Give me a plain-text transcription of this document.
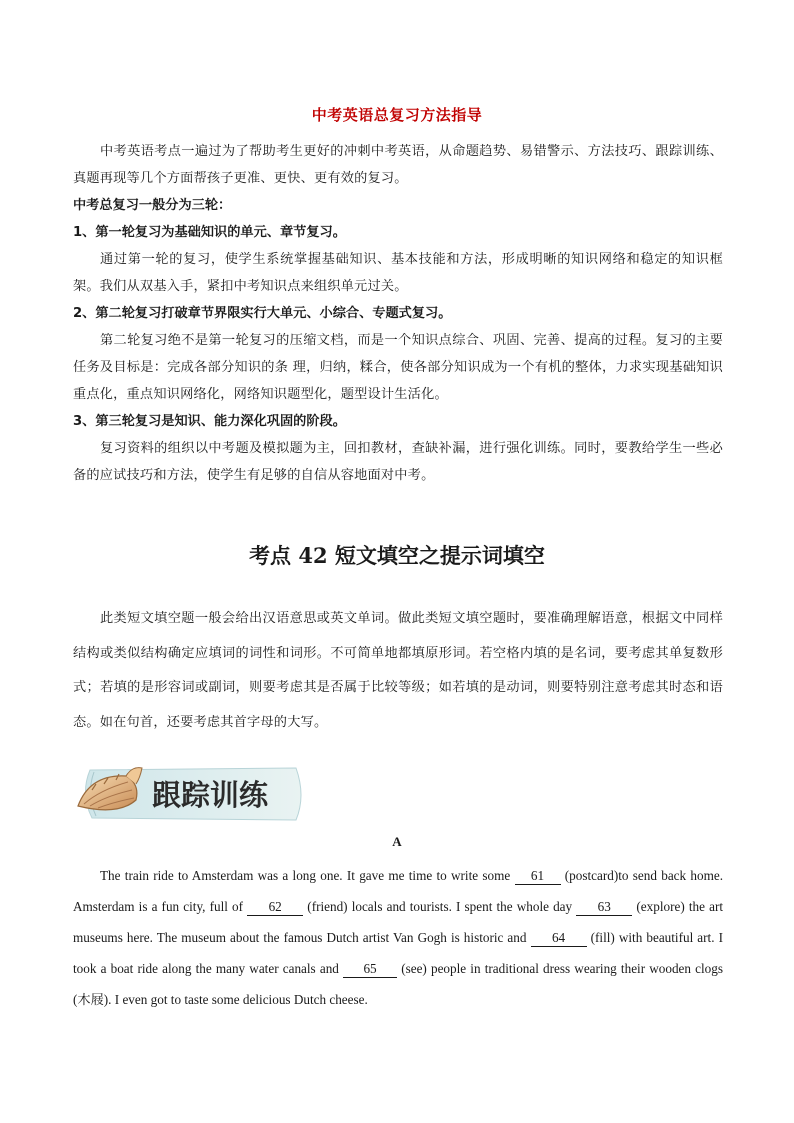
中考英语总复习方法指导
中考英语考点一遍过为了帮助考生更好的冲刺中考英语，从命题趋势、易错警示、方法技巧、跟踪训练、真题再现等几个方面帮孩子更准、更快、更有效的复习。
中考总复习一般分为三轮：
1、第一轮复习为基础知识的单元、章节复习。
通过第一轮的复习，使学生系统掌握基础知识、基本技能和方法，形成明晰的知识网络和稳定的知识框架。我们从双基入手，紧扣中考知识点来组织单元过关。
2、第二轮复习打破章节界限实行大单元、小综合、专题式复习。
第二轮复习绝不是第一轮复习的压缩文档，而是一个知识点综合、巩固、完善、提高的过程。复习的主要任务及目标是：完成各部分知识的条 理，归纳，糅合，使各部分知识成为一个有机的整体，力求实现基础知识重点化，重点知识网络化，网络知识题型化，题型设计生活化。
3、第三轮复习是知识、能力深化巩固的阶段。
复习资料的组织以中考题及模拟题为主，回扣教材，查缺补漏，进行强化训练。同时，要教给学生一些必备的应试技巧和方法，使学生有足够的自信从容地面对中考。
考点 42 短文填空之提示词填空
此类短文填空题一般会给出汉语意思或英文单词。做此类短文填空题时，要准确理解语意，根据文中同样结构或类似结构确定应填词的词性和词形。不可简单地都填原形词。若空格内填的是名词，要考虑其单复数形式；若填的是形容词或副词，则要考虑其是否属于比较等级；如若填的是动词，则要特别注意考虑其时态和语态。如在句首，还要考虑其首字母的大写。
跟踪训练
A
The train ride to Amsterdam was a long one. It gave me time to write some 61 (postcard)to send back home. Amsterdam is a fun city, full of 62 (friend) locals and tourists. I spent the whole day 63 (explore) the art museums here. The museum about the famous Dutch artist Van Gogh is historic and 64 (fill) with beautiful art. I took a boat ride along the many water canals and 65 (see) people in traditional dress wearing their wooden clogs (木屐). I even got to taste some delicious Dutch cheese.
